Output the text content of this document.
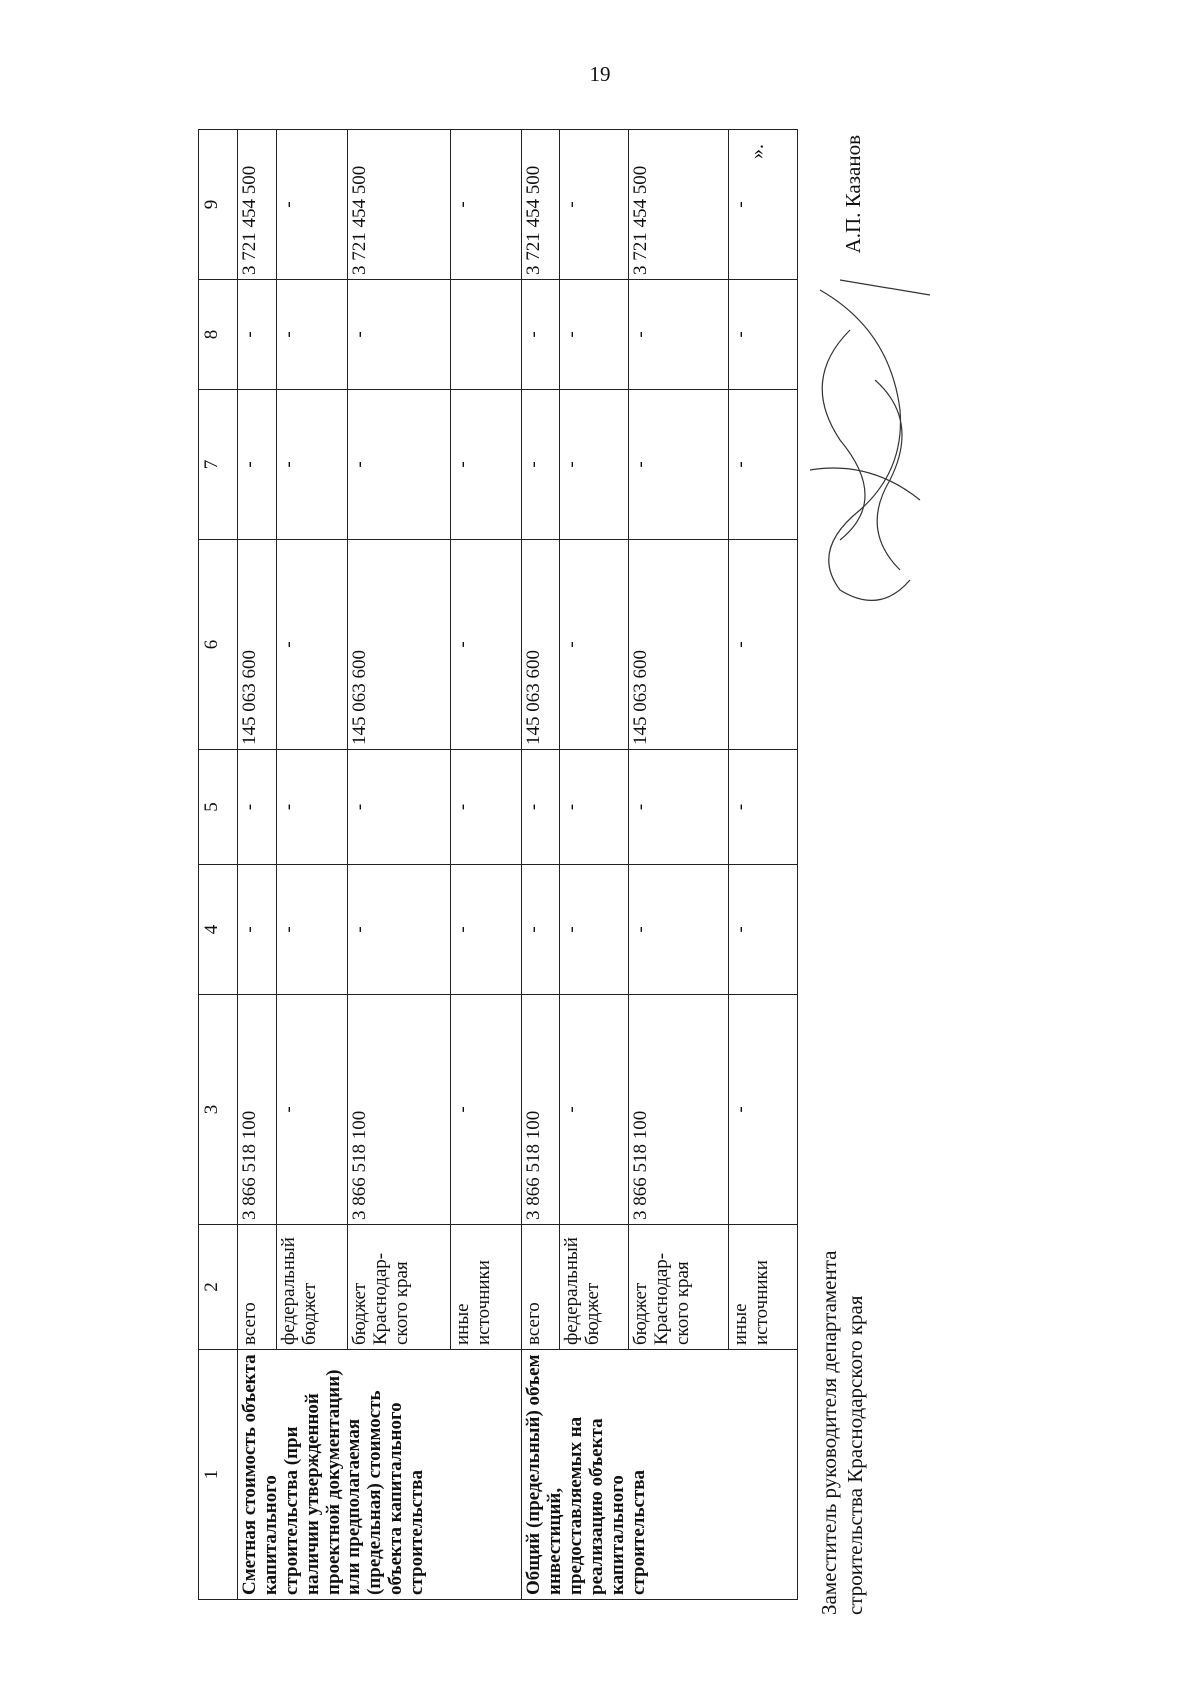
19
1	2	3	4	5	6	7	8	9
Сметная стоимость объекта капитального строительства (при наличии утвержденной проектной документации) или предполагаемая (предельная) стоимость объекта капитального строительства	всего	3 866 518 100	-	-	145 063 600	-	-	3 721 454 500
	федеральный бюджет	-	-	-	-	-	-	-
	бюджет Краснодар-ского края	3 866 518 100	-	-	145 063 600	-	-	3 721 454 500
	иные источники	-	-	-	-	-		-
Общий (предельный) объем инвестиций, предоставляемых на реализацию объекта капитального строительства	всего	3 866 518 100	-	-	145 063 600	-	-	3 721 454 500
	федеральный бюджет	-	-	-	-	-	-	-
	бюджет Краснодар-ского края	3 866 518 100	-	-	145 063 600	-	-	3 721 454 500
	иные источники	-	-	-	-	-	-	-
».
Заместитель руководителя департамента строительства Краснодарского края
А.П. Казанов
